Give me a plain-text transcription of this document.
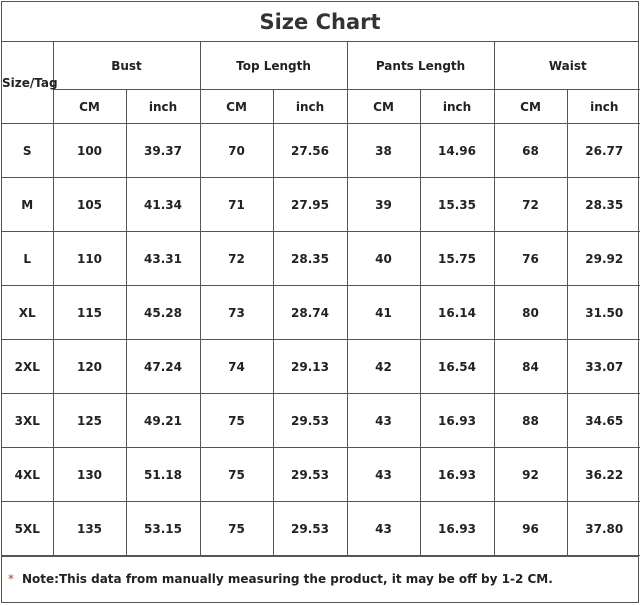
Size Chart
Size/Tag	Bust		Top Length		Pants Length		Waist	
	CM	inch	CM	inch	CM	inch	CM	inch
S	100	39.37	70	27.56	38	14.96	68	26.77
M	105	41.34	71	27.95	39	15.35	72	28.35
L	110	43.31	72	28.35	40	15.75	76	29.92
XL	115	45.28	73	28.74	41	16.14	80	31.50
2XL	120	47.24	74	29.13	42	16.54	84	33.07
3XL	125	49.21	75	29.53	43	16.93	88	34.65
4XL	130	51.18	75	29.53	43	16.93	92	36.22
5XL	135	53.15	75	29.53	43	16.93	96	37.80
* Note:This data from manually measuring the product, it may be off by 1-2 CM.
